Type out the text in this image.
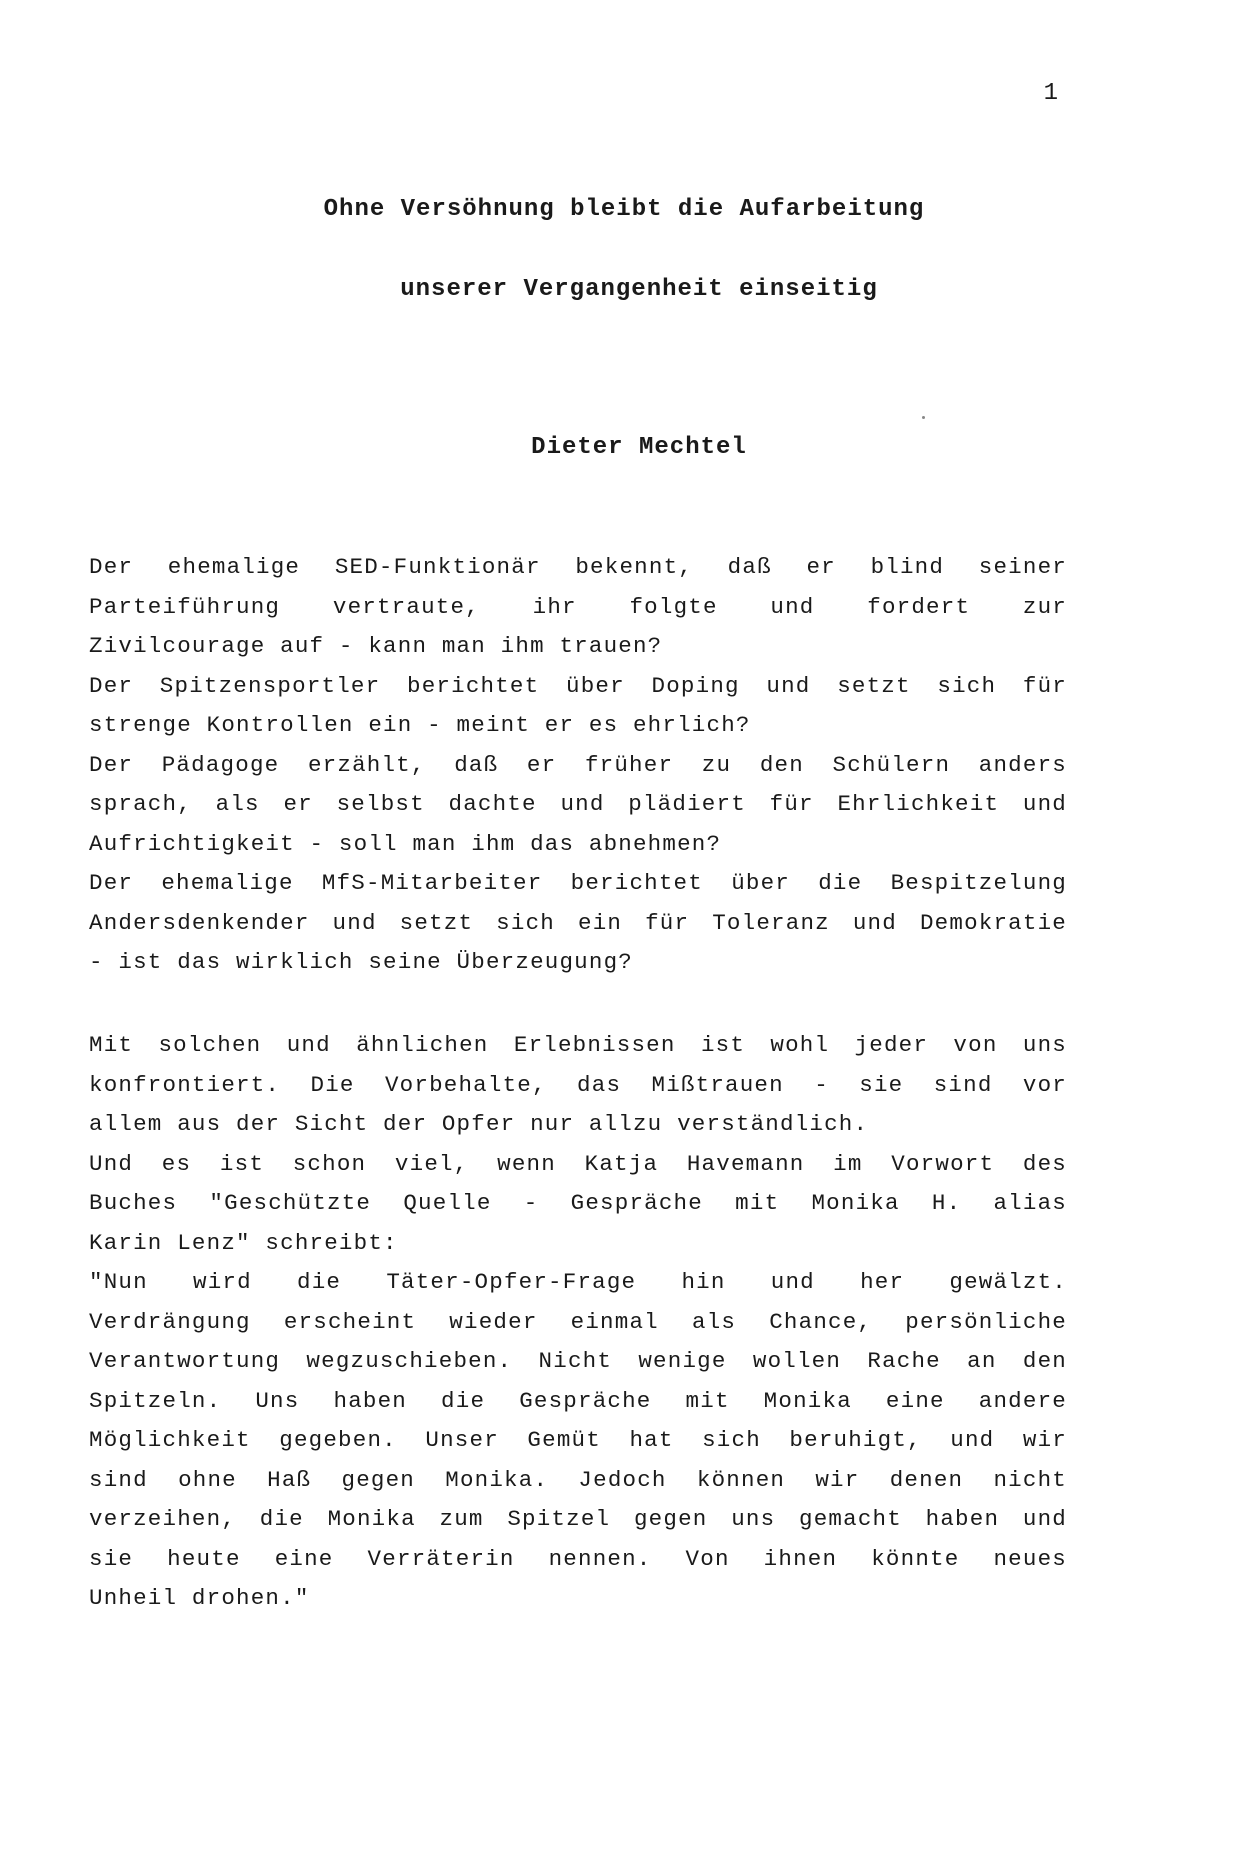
1
Ohne Versöhnung bleibt die Aufarbeitung
unserer Vergangenheit einseitig
Dieter Mechtel
Der ehemalige SED-Funktionär bekennt, daß er blind seiner
Parteiführung vertraute, ihr folgte und fordert zur
Zivilcourage auf - kann man ihm trauen?
Der Spitzensportler berichtet über Doping und setzt sich für
strenge Kontrollen ein - meint er es ehrlich?
Der Pädagoge erzählt, daß er früher zu den Schülern anders
sprach, als er selbst dachte und plädiert für Ehrlichkeit und
Aufrichtigkeit - soll man ihm das abnehmen?
Der ehemalige MfS-Mitarbeiter berichtet über die Bespitzelung
Andersdenkender und setzt sich ein für Toleranz und Demokratie
- ist das wirklich seine Überzeugung?
Mit solchen und ähnlichen Erlebnissen ist wohl jeder von uns
konfrontiert. Die Vorbehalte, das Mißtrauen - sie sind vor
allem aus der Sicht der Opfer nur allzu verständlich.
Und es ist schon viel, wenn Katja Havemann im Vorwort des
Buches "Geschützte Quelle - Gespräche mit Monika H. alias
Karin Lenz" schreibt:
"Nun wird die Täter-Opfer-Frage hin und her gewälzt.
Verdrängung erscheint wieder einmal als Chance, persönliche
Verantwortung wegzuschieben. Nicht wenige wollen Rache an den
Spitzeln. Uns haben die Gespräche mit Monika eine andere
Möglichkeit gegeben. Unser Gemüt hat sich beruhigt, und wir
sind ohne Haß gegen Monika. Jedoch können wir denen nicht
verzeihen, die Monika zum Spitzel gegen uns gemacht haben und
sie heute eine Verräterin nennen. Von ihnen könnte neues
Unheil drohen."
